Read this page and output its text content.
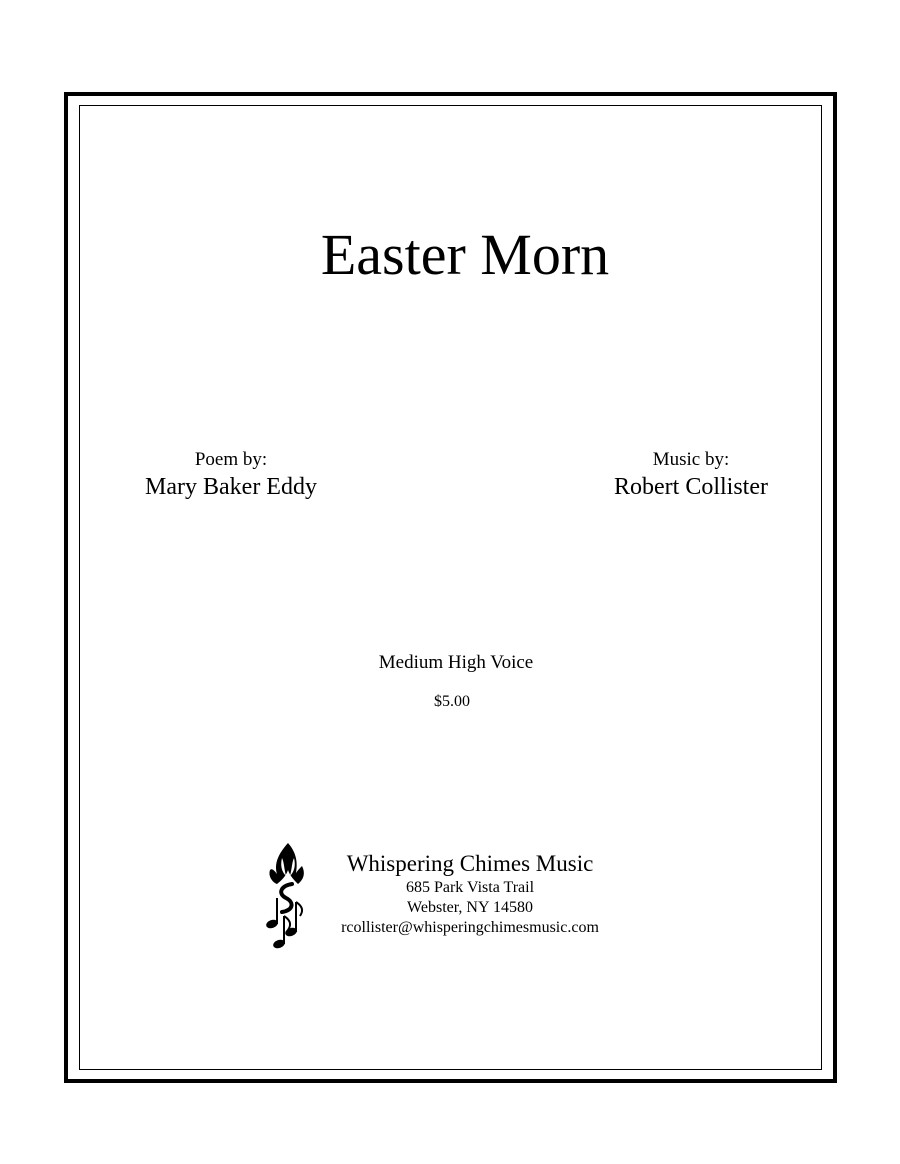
Easter Morn
Poem by:
Mary Baker Eddy
Music by:
Robert Collister
Medium High Voice
$5.00
Whispering Chimes Music
685 Park Vista Trail
Webster, NY 14580
rcollister@whisperingchimesmusic.com
